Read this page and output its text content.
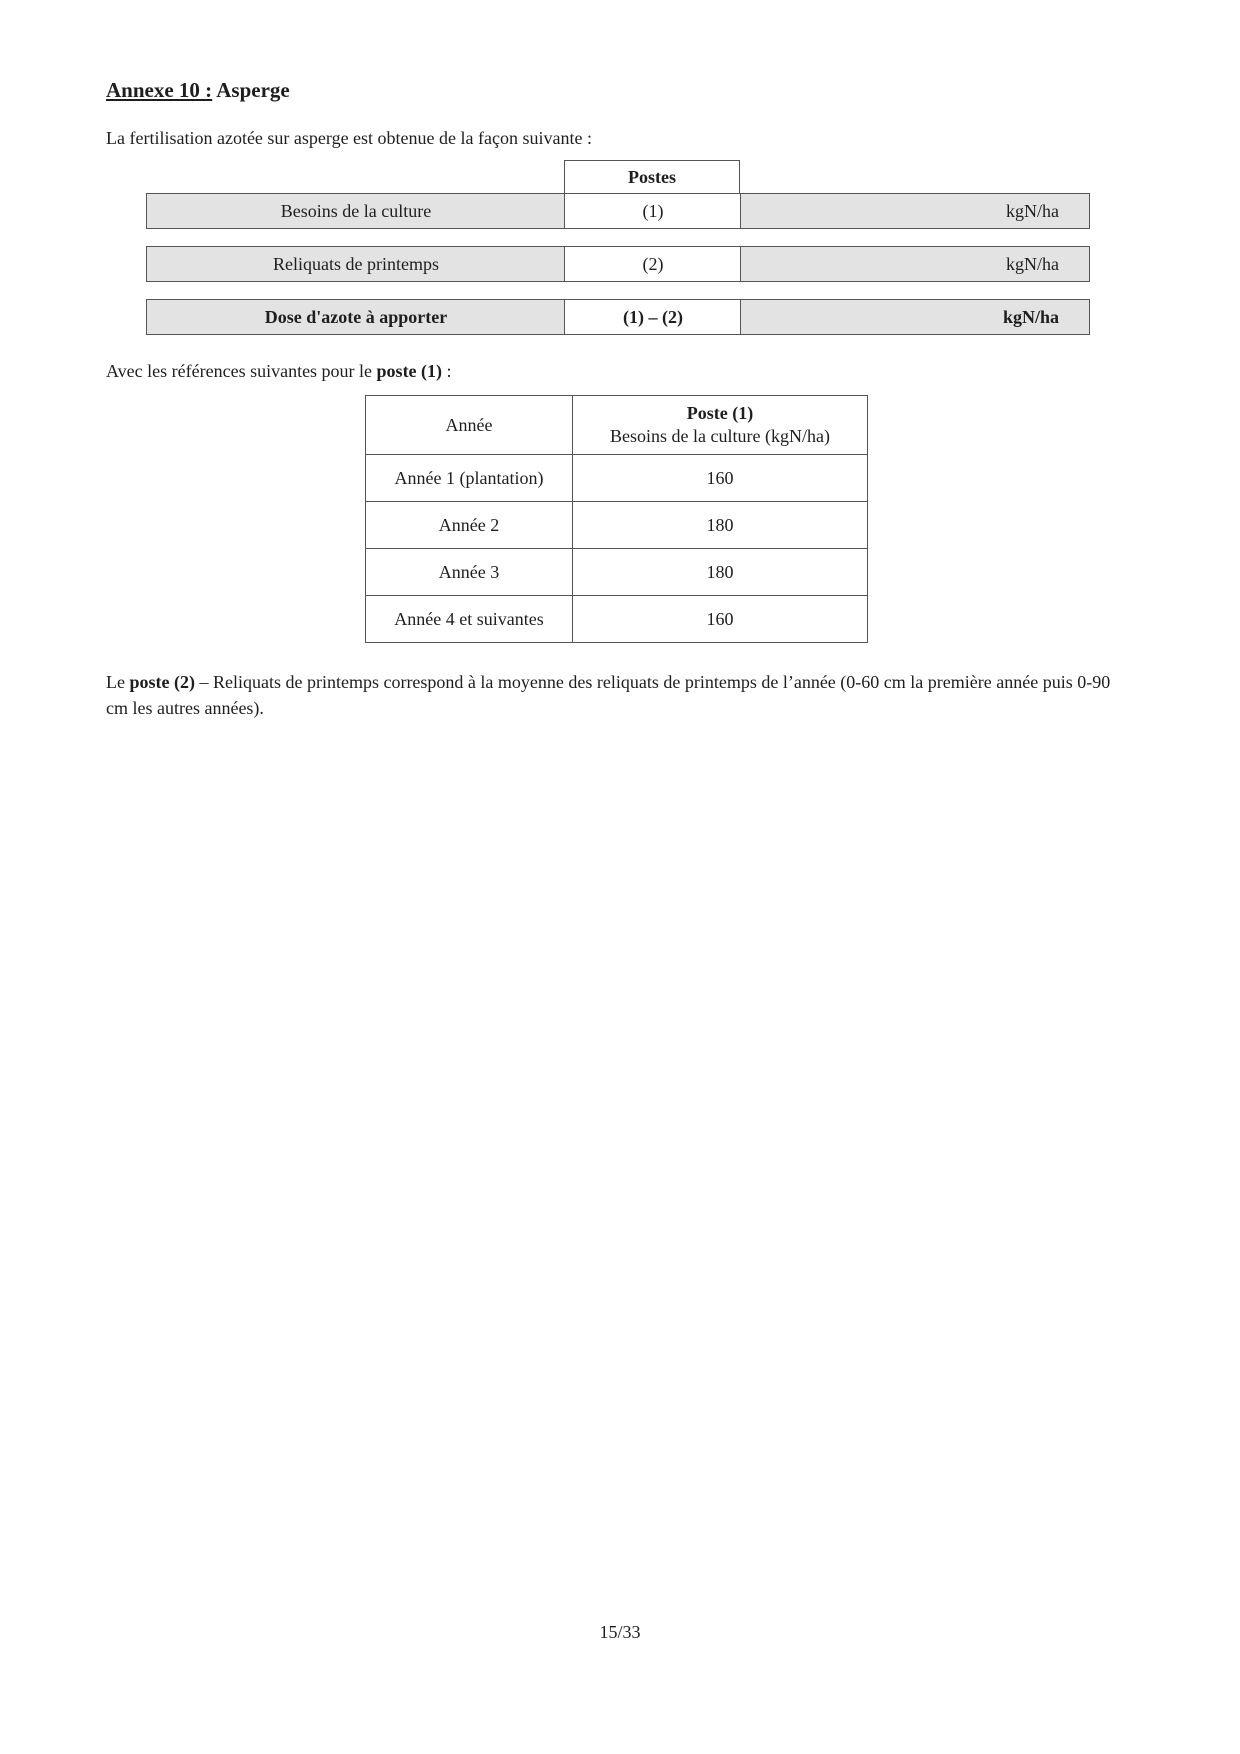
Annexe 10 : Asperge
La fertilisation azotée sur asperge est obtenue de la façon suivante :
Postes
Besoins de la culture	(1)	kgN/ha
Reliquats de printemps	(2)	kgN/ha
Dose d'azote à apporter	(1) – (2)	kgN/ha
Avec les références suivantes pour le poste (1) :
Année	Poste (1)
Besoins de la culture (kgN/ha)

Année 1 (plantation)	160
Année 2	180
Année 3	180
Année 4 et suivantes	160
Le poste (2) – Reliquats de printemps correspond à la moyenne des reliquats de printemps de l’année (0-60 cm la première année puis 0-90 cm les autres années).
15/33
